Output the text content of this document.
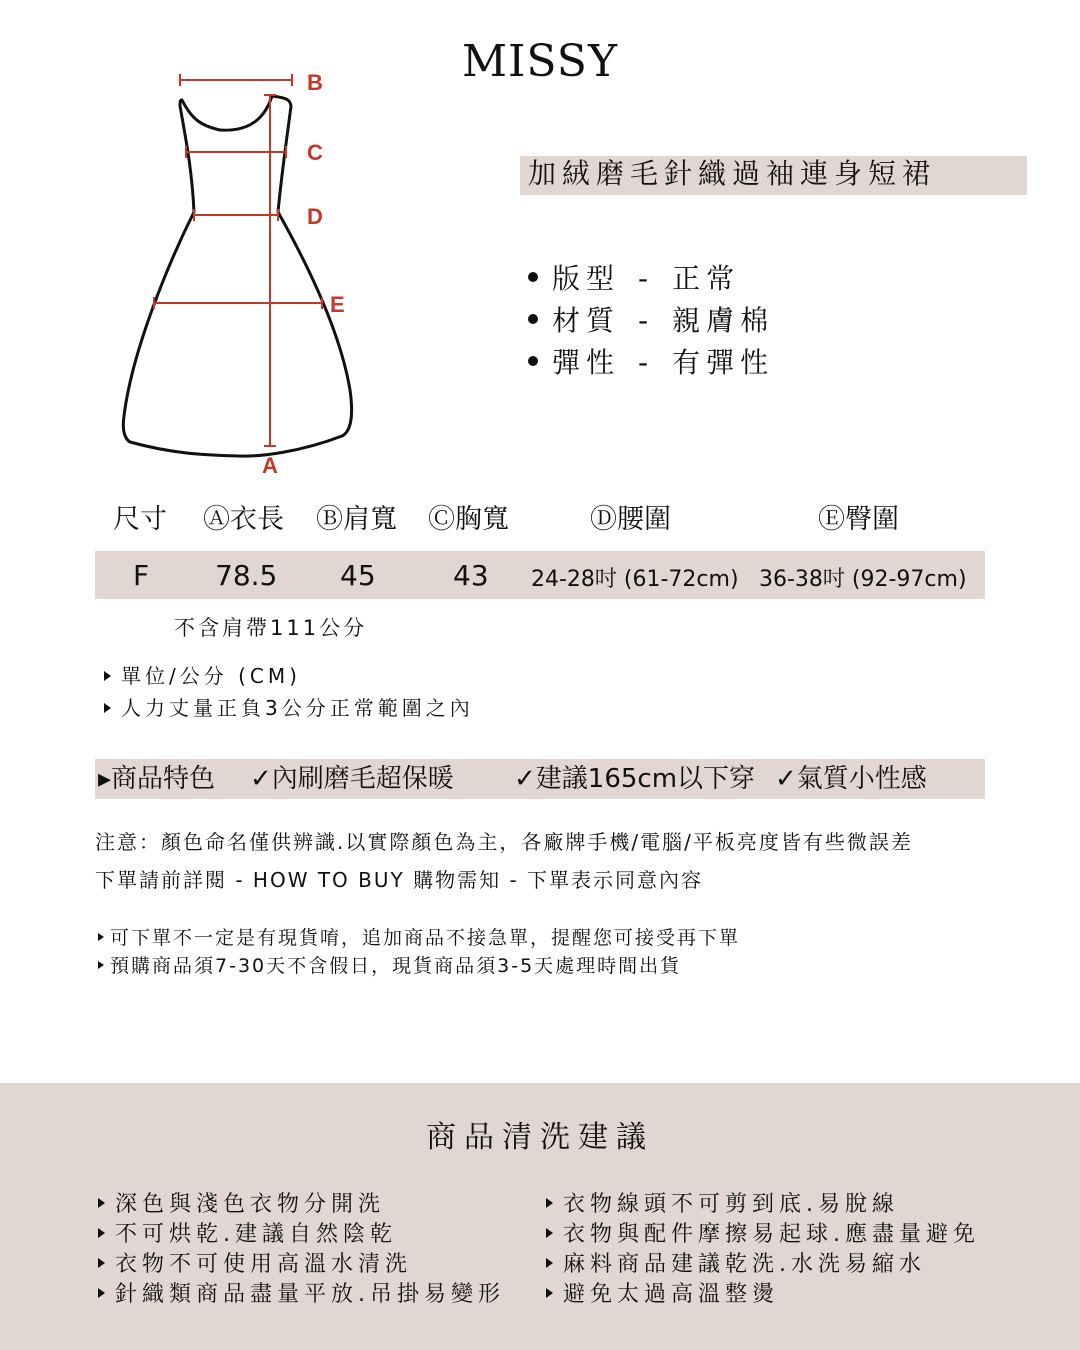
MISSY
B
C
D
E
A
加絨磨毛針織過袖連身短裙
版型 - 正常
材質 - 親膚棉
彈性 - 有彈性
尺寸 Ⓐ衣長 Ⓑ肩寬 Ⓒ胸寬	Ⓓ腰圍	Ⓔ臀圍
F 78.5 45	43 24-28吋 (61-72cm) 36-38吋 (92-97cm)
不含肩帶111公分
單位/公分 (CM)
人力丈量正負3公分正常範圍之內
▸商品特色 ✓內刷磨毛超保暖 ✓建議165cm以下穿 ✓氣質小性感
注意：顏色命名僅供辨識.以實際顏色為主，各廠牌手機/電腦/平板亮度皆有些微誤差
下單請前詳閱 - HOW TO BUY 購物需知 - 下單表示同意內容
可下單不一定是有現貨唷，追加商品不接急單，提醒您可接受再下單
預購商品須7-30天不含假日，現貨商品須3-5天處理時間出貨
商品清洗建議
深色與淺色衣物分開洗
不可烘乾.建議自然陰乾
衣物不可使用高溫水清洗
針織類商品盡量平放.吊掛易變形
衣物線頭不可剪到底.易脫線
衣物與配件摩擦易起球.應盡量避免
麻料商品建議乾洗.水洗易縮水
避免太過高溫整燙
